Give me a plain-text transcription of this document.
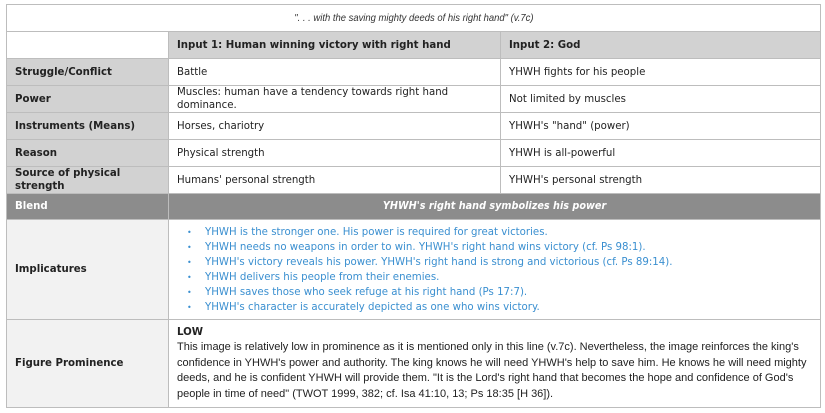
". . . with the saving mighty deeds of his right hand" (v.7c)		
	Input 1: Human winning victory with right hand	Input 2: God
Struggle/Conflict	Battle	YHWH fights for his people
Power	Muscles: human have a tendency towards right hand dominance.	Not limited by muscles
Instruments (Means)	Horses, chariotry	YHWH's "hand" (power)
Reason	Physical strength	YHWH is all-powerful
Source of physical strength	Humans' personal strength	YHWH's personal strength
Blend	YHWH's right hand symbolizes his power	
Implicatures	
• YHWH is the stronger one. His power is required for great victories.
• YHWH needs no weapons in order to win. YHWH's right hand wins victory (cf. Ps 98:1).
• YHWH's victory reveals his power. YHWH's right hand is strong and victorious (cf. Ps 89:14).
• YHWH delivers his people from their enemies.
• YHWH saves those who seek refuge at his right hand (Ps 17:7).
• YHWH's character is accurately depicted as one who wins victory.

Figure Prominence	LOW
This image is relatively low in prominence as it is mentioned only in this line (v.7c). Nevertheless, the image reinforces the king's confidence in YHWH's power and authority. The king knows he will need YHWH's help to save him. He knows he will need mighty deeds, and he is confident YHWH will provide them. "It is the Lord's right hand that becomes the hope and confidence of God's people in time of need" (TWOT 1999, 382; cf. Isa 41:10, 13; Ps 18:35 [H 36]).	
